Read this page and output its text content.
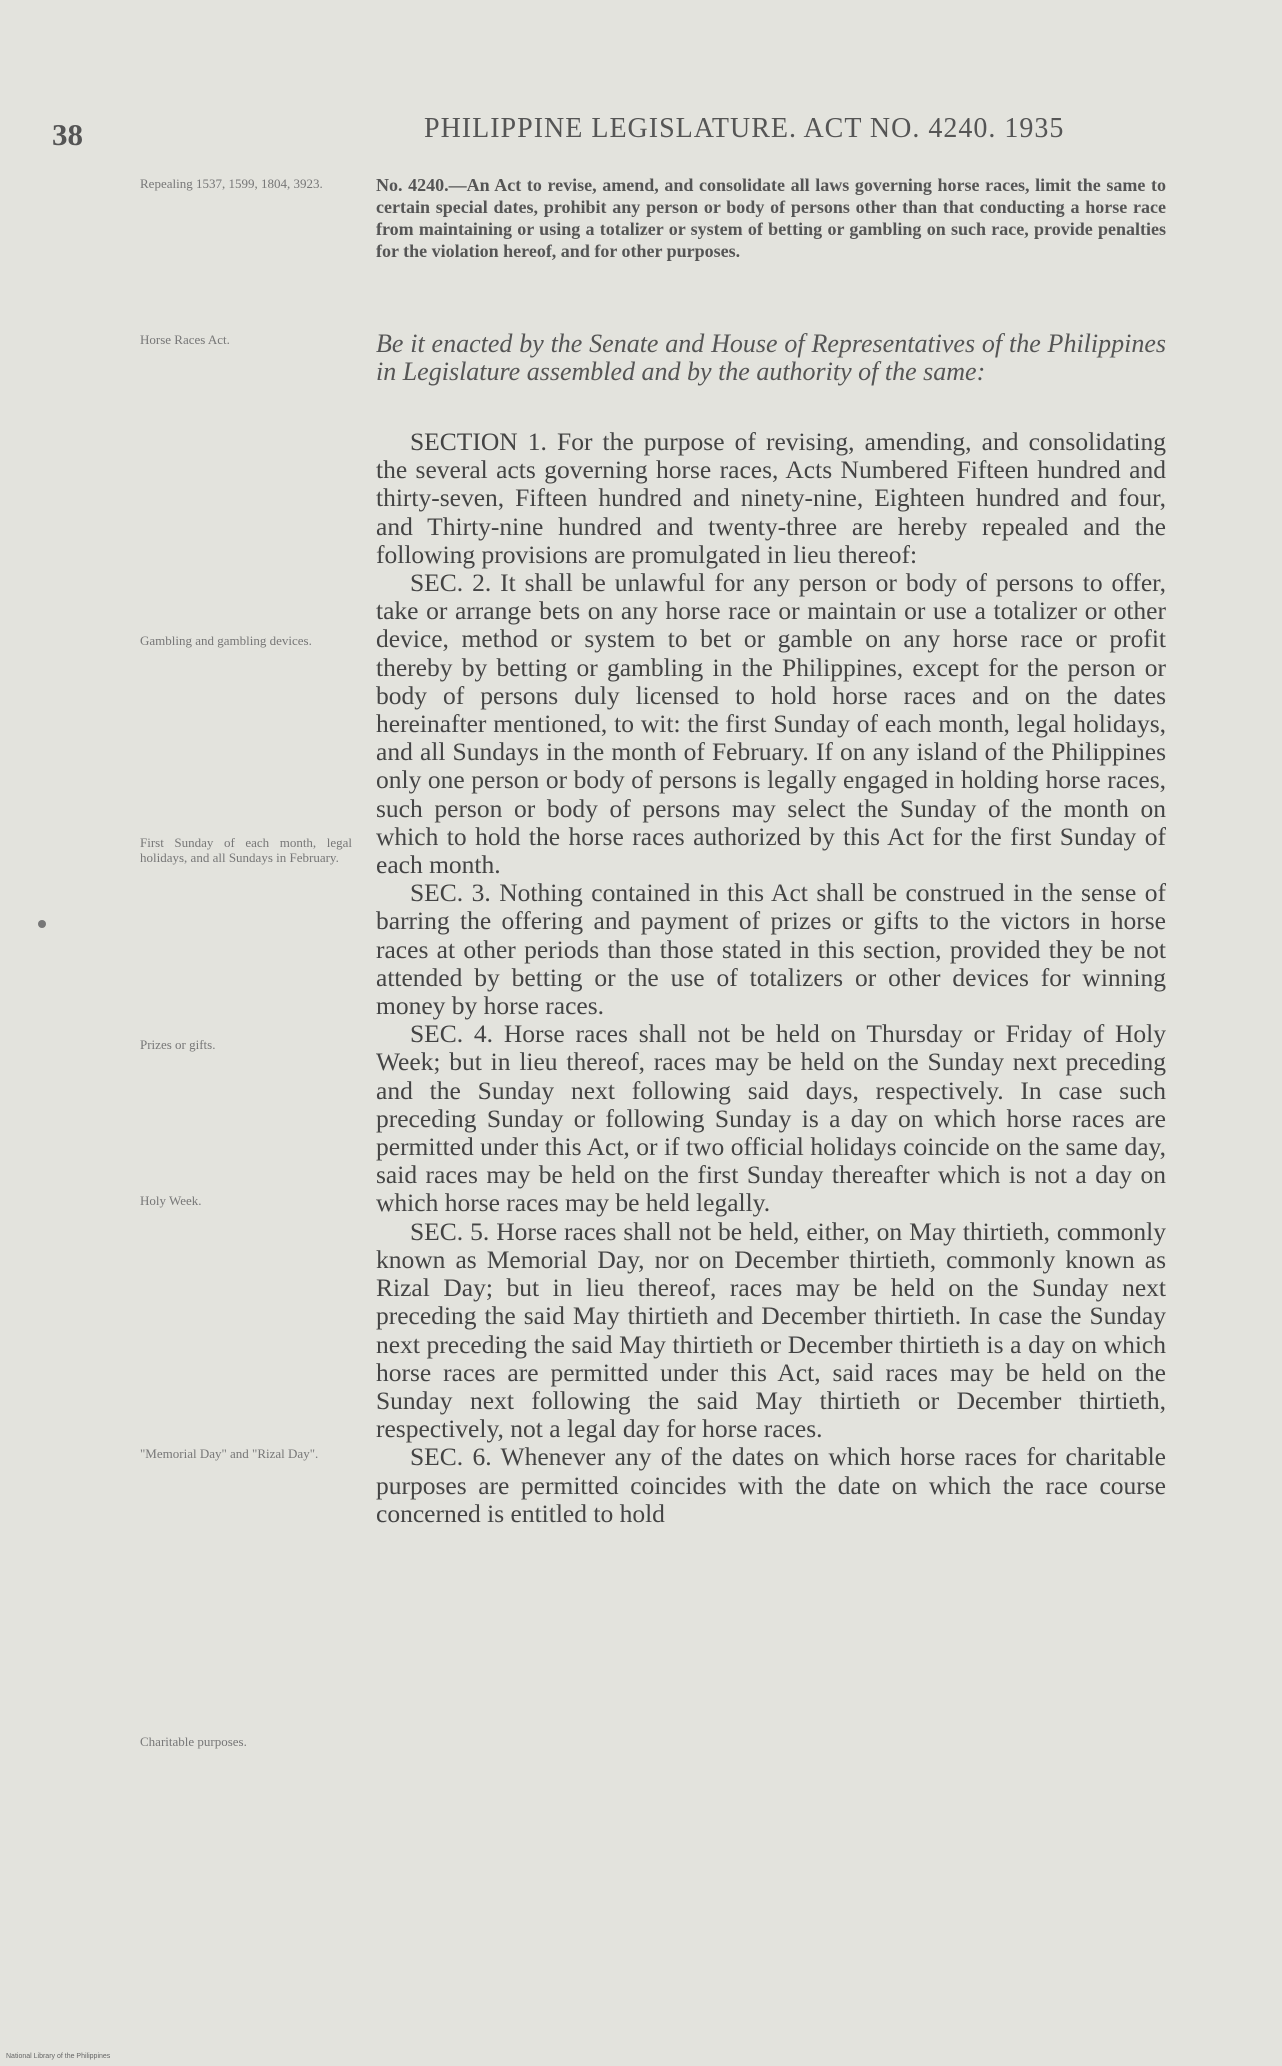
38	PHILIPPINE LEGISLATURE. ACT NO. 4240. 1935
Repealing 1537, 1599, 1804, 3923.
Horse Races Act.
Gambling and gambling devices.
First Sunday of each month, legal holidays, and all Sundays in February.
Prizes or gifts.
Holy Week.
"Memorial Day" and "Rizal Day".
Charitable purposes.
No. 4240.—An Act to revise, amend, and consolidate all laws governing horse races, limit the same to certain special dates, prohibit any person or body of persons other than that conducting a horse race from maintaining or using a totalizer or system of betting or gambling on such race, provide penalties for the violation hereof, and for other purposes.
Be it enacted by the Senate and House of Representatives of the Philippines in Legislature assembled and by the authority of the same:

SECTION 1. For the purpose of revising, amending, and consolidating the several acts governing horse races, Acts Numbered Fifteen hundred and thirty-seven, Fifteen hundred and ninety-nine, Eighteen hundred and four, and Thirty-nine hundred and twenty-three are hereby repealed and the following provisions are promulgated in lieu thereof:

SEC. 2. It shall be unlawful for any person or body of persons to offer, take or arrange bets on any horse race or maintain or use a totalizer or other device, method or system to bet or gamble on any horse race or profit thereby by betting or gambling in the Philippines, except for the person or body of persons duly licensed to hold horse races and on the dates hereinafter mentioned, to wit: the first Sunday of each month, legal holidays, and all Sundays in the month of February. If on any island of the Philippines only one person or body of persons is legally engaged in holding horse races, such person or body of persons may select the Sunday of the month on which to hold the horse races authorized by this Act for the first Sunday of each month.

SEC. 3. Nothing contained in this Act shall be construed in the sense of barring the offering and payment of prizes or gifts to the victors in horse races at other periods than those stated in this section, provided they be not attended by betting or the use of totalizers or other devices for winning money by horse races.

SEC. 4. Horse races shall not be held on Thursday or Friday of Holy Week; but in lieu thereof, races may be held on the Sunday next preceding and the Sunday next following said days, respectively. In case such preceding Sunday or following Sunday is a day on which horse races are permitted under this Act, or if two official holidays coincide on the same day, said races may be held on the first Sunday thereafter which is not a day on which horse races may be held legally.

SEC. 5. Horse races shall not be held, either, on May thirtieth, commonly known as Memorial Day, nor on December thirtieth, commonly known as Rizal Day; but in lieu thereof, races may be held on the Sunday next preceding the said May thirtieth and December thirtieth. In case the Sunday next preceding the said May thirtieth or December thirtieth is a day on which horse races are permitted under this Act, said races may be held on the Sunday next following the said May thirtieth or December thirtieth, respectively, not a legal day for horse races.

SEC. 6. Whenever any of the dates on which horse races for charitable purposes are permitted coincides with the date on which the race course concerned is entitled to hold

National Library of the Philippines
